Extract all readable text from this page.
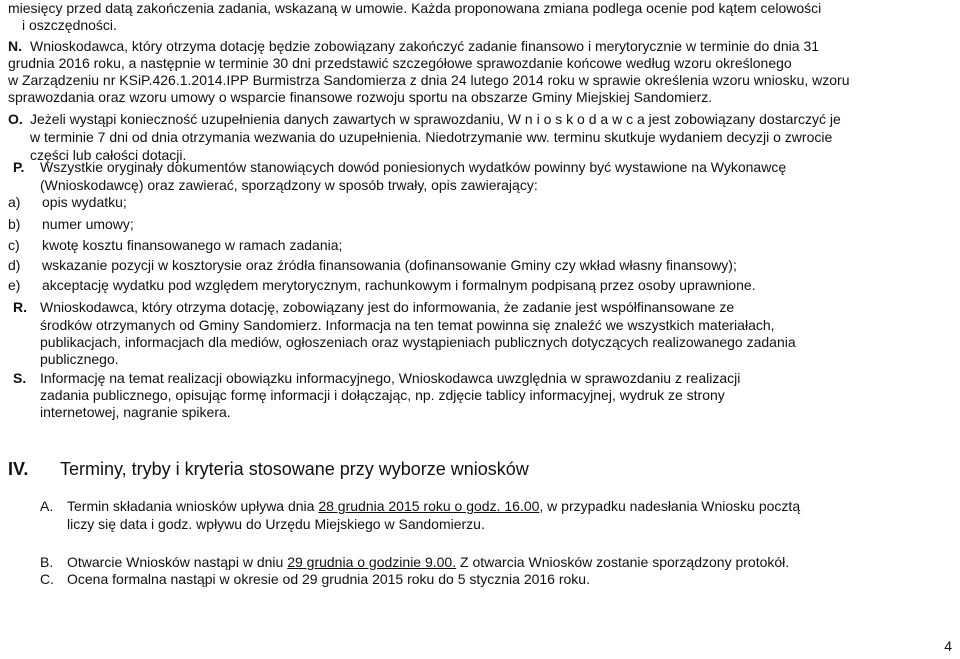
miesięcy przed datą zakończenia zadania, wskazaną w umowie. Każda proponowana zmiana podlega ocenie pod kątem celowości
i oszczędności.
N. Wnioskodawca, który otrzyma dotację będzie zobowiązany zakończyć zadanie finansowo i merytorycznie w terminie do dnia 31
grudnia 2016 roku, a następnie w terminie 30 dni przedstawić szczegółowe sprawozdanie końcowe według wzoru określonego
w Zarządzeniu nr KSiP.426.1.2014.IPP Burmistrza Sandomierza z dnia 24 lutego 2014 roku w sprawie określenia wzoru wniosku, wzoru
sprawozdania oraz wzoru umowy o wsparcie finansowe rozwoju sportu na obszarze Gminy Miejskiej Sandomierz.
O. Jeżeli wystąpi konieczność uzupełnienia danych zawartych w sprawozdaniu, W n i o s k o d a w c a jest zobowiązany dostarczyć je
w terminie 7 dni od dnia otrzymania wezwania do uzupełnienia. Niedotrzymanie ww. terminu skutkuje wydaniem decyzji o zwrocie
części lub całości dotacji.
P. Wszystkie oryginały dokumentów stanowiących dowód poniesionych wydatków powinny być wystawione na Wykonawcę
(Wnioskodawcę) oraz zawierać, sporządzony w sposób trwały, opis zawierający:
a) opis wydatku;
b) numer umowy;
c) kwotę kosztu finansowanego w ramach zadania;
d) wskazanie pozycji w kosztorysie oraz źródła finansowania (dofinansowanie Gminy czy wkład własny finansowy);
e) akceptację wydatku pod względem merytorycznym, rachunkowym i formalnym podpisaną przez osoby uprawnione.
R. Wnioskodawca, który otrzyma dotację, zobowiązany jest do informowania, że zadanie jest współfinansowane ze
środków otrzymanych od Gminy Sandomierz. Informacja na ten temat powinna się znaleźć we wszystkich materiałach,
publikacjach, informacjach dla mediów, ogłoszeniach oraz wystąpieniach publicznych dotyczących realizowanego zadania
publicznego.
S. Informację na temat realizacji obowiązku informacyjnego, Wnioskodawca uwzględnia w sprawozdaniu z realizacji
zadania publicznego, opisując formę informacji i dołączając, np. zdjęcie tablicy informacyjnej, wydruk ze strony
internetowej, nagranie spikera.
IV. Terminy, tryby i kryteria stosowane przy wyborze wniosków
A. Termin składania wniosków upływa dnia 28 grudnia 2015 roku o godz. 16.00, w przypadku nadesłania Wniosku pocztą
liczy się data i godz. wpływu do Urzędu Miejskiego w Sandomierzu.
B. Otwarcie Wniosków nastąpi w dniu 29 grudnia o godzinie 9.00. Z otwarcia Wniosków zostanie sporządzony protokół.
C. Ocena formalna nastąpi w okresie od 29 grudnia 2015 roku do 5 stycznia 2016 roku.
4
